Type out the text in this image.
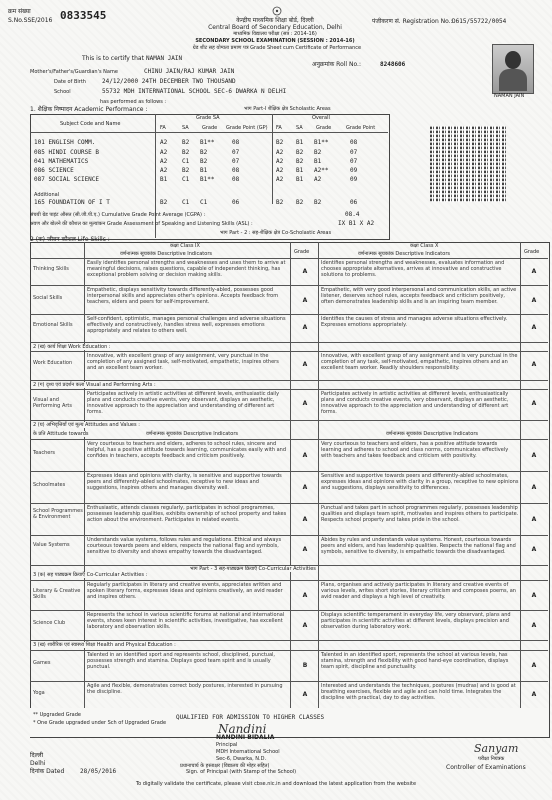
क्रम संख्या
S.No.SSE/2016 0833545	केन्द्रीय माध्यमिक शिक्षा बोर्ड, दिल्ली
Central Board of Secondary Education, Delhi
माध्यमिक विद्यालय परीक्षा (सत्र : 2014-16)
SECONDARY SCHOOL EXAMINATION (SESSION : 2014-16)
ग्रेड शीट सह योग्यता प्रमाण पत्र Grade Sheet cum Certificate of Performance
पंजीकरण सं. Registration No.: D615/55722/0054
NAMAN JAIN
This is to certify that NAMAN JAIN
अनुक्रमांक Roll No.:	8248606
Mother's/Father's/Guardian's Name	CHINU JAIN/RAJ KUMAR JAIN
Date of Birth	24/12/2000 24TH DECEMBER TWO THOUSAND
School	55732 MDH INTERNATIONAL SCHOOL SEC-6 DWARKA N DELHI
has performed as follows :
1. शैक्षिक निष्पादन Academic Performance :	भाग Part-I शैक्षिक क्षेत्र Scholastic Areas
Subject Code and Name
Grade SA	Overall
FA	SA	Grade Grade Point (GP) FA	SA	Grade	Grade Point
101 ENGLISH COMM.	A2 B2 B1**	08	B2 B1 B1**	08
085 HINDI COURSE B	A2 B2 B2	07	A2 B2 B2	07
041 MATHEMATICS	A2 C1 B2	07	A2 B2 B1	07
086 SCIENCE	A2 B2 B1	08	A2 B1 A2**	09
087 SOCIAL SCIENCE	B1 C1 B1**	08	A2 B1 A2	09
Additional
165 FOUNDATION OF I T	B2 C1 C1	06	B2 B2 B2	06
संचयी ग्रेड पाइंट औसत (सी.जी.पी.ए.) Cumulative Grade Point Average (CGPA) :	08.4
श्रवण और बोलने की कौशल का मूल्यांकन Grade Assessment of Speaking and Listening Skills (ASL) :	IX B1 X A2
भाग Part - 2 : सह-शैक्षिक क्षेत्र Co-Scholastic Areas
2 (क) जीवन कौशल Life Skills :
कक्षा Class IX	कक्षा Class X
वर्णनात्मक सूचकांक Descriptive Indicators	वर्णनात्मक सूचकांक Descriptive Indicators
Grade	Grade
Thinking Skills
Easily identifies personal strengths and weaknesses and uses them to arrive at meaningful decisions, raises questions, capable of independent thinking, has exceptional problem solving or decision making skills.	A
Identifies personal strengths and weaknesses, evaluates information and chooses appropriate alternatives, arrives at innovative and constructive solutions to problems.	A
Social Skills
Empathetic, displays sensitivity towards differently-abled, possesses good interpersonal skills and appreciates other's opinions. Accepts feedback from teachers, elders and peers for self-improvement.	A
Empathetic, with very good interpersonal and communication skills, an active listener, deserves school rules, accepts feedback and criticism positively, often demonstrates leadership skills and is an inspiring team member.	A
Emotional Skills
Self-confident, optimistic, manages personal challenges and adverse situations effectively and constructively, handles stress well, expresses emotions appropriately and relates to others well.	A
Identifies the causes of stress and manages adverse situations effectively. Expresses emotions appropriately.	A
2 (ख) कार्य शिक्षा Work Education :
Work Education
Innovative, with excellent grasp of any assignment, very punctual in the completion of any assigned task, self-motivated, empathetic, inspires others and an excellent team worker.	A
Innovative, with excellent grasp of any assignment and is very punctual in the completion of any task, self-motivated, empathetic, inspires others and an excellent team worker. Readily shoulders responsibility.	A
2 (ग) दृश्य एवं प्रदर्शन कला Visual and Performing Arts :
Visual and Performing Arts
Participates actively in artistic activities at different levels, enthusiastic daily plans and conducts creative events, very observant, displays an aesthetic, innovative approach to the appreciation and understanding of different art forms.
A
Participates actively in artistic activities at different levels, enthusiastically plans and conducts creative events, very observant, displays an aesthetic, innovative approach to the appreciation and understanding of different art forms.
A
2 (घ) अभिवृत्तियाँ एवं मूल्य Attitudes and Values :
के प्रति Attitude towards	वर्णनात्मक सूचकांक Descriptive Indicators	वर्णनात्मक सूचकांक Descriptive Indicators
Teachers
Very courteous to teachers and elders, adheres to school rules, sincere and helpful, has a positive attitude towards learning, communicates easily with and confides in teachers, accepts feedback and criticism positively.	A
Very courteous to teachers and elders, has a positive attitude towards learning and adheres to school and class norms, communicates effectively with teachers and takes feedback and criticism with positivity.	A
Schoolmates
Expresses ideas and opinions with clarity, is sensitive and supportive towards peers and differently-abled schoolmates, receptive to new ideas and suggestions, inspires others and manages diversity well.	A
Sensitive and supportive towards peers and differently-abled schoolmates, expresses ideas and opinions with clarity in a group, receptive to new opinions and suggestions, displays sensitivity to differences.	A
School Programmes & Environment
Enthusiastic, attends classes regularly, participates in school programmes, possesses leadership qualities, exhibits ownership of school property and takes action about the environment. Participates in related events.	A
Punctual and takes part in school programmes regularly, possesses leadership qualities and displays team spirit, motivates and inspires others to participate. Respects school property and takes pride in the school.	A
Value Systems
Understands value systems, follows rules and regulations. Ethical and always courteous towards peers and elders, respects the national flag and symbols, sensitive to diversity and shows empathy towards the disadvantaged.	A
Abides by rules and understands value systems. Honest, courteous towards peers and elders, and has leadership qualities. Respects the national flag and symbols, sensitive to diversity, is empathetic towards the disadvantaged.	A
भाग Part - 3 सह-पाठ्यक्रम क्रियाएँ Co-Curricular Activities
3 (क) सह पाठ्यक्रम क्रियाएँ Co-Curricular Activities :
Literary & Creative Skills
Regularly participates in literary and creative events, appreciates written and spoken literary forms, expresses ideas and opinions creatively, an avid reader and inspires others.	A
Plans, organises and actively participates in literary and creative events of various levels, writes short stories, literary criticism and composes poems, an avid reader and displays a high level of creativity.	A
Science Club
Represents the school in various scientific forums at national and international events, shows keen interest in scientific activities, investigative, has excellent laboratory and observation skills.	A
Displays scientific temperament in everyday life, very observant, plans and participates in scientific activities at different levels, displays precision and observation during laboratory work.	A
3 (ख) शारीरिक एवं स्वास्थ्य शिक्षा Health and Physical Education :
Games
Talented in an identified sport and represents school, disciplined, punctual, possesses strength and stamina. Displays good team spirit and is usually punctual.	B
Talented in an identified sport, represents the school at various levels, has stamina, strength and flexibility with good hand-eye coordination, displays team spirit, discipline and punctuality.	A
Yoga
Agile and flexible, demonstrates correct body postures, interested in pursuing the discipline.	A
Interested and understands the techniques, postures (mudras) and is good at breathing exercises, flexible and agile and can hold time. Integrates the discipline with practical, day to day activities.	A
** Upgraded Grade
* One Grade upgraded under Sch of Upgraded Grade
QUALIFIED FOR ADMISSION TO HIGHER CLASSES
Nandini
NANDINI BIDALIA
Principal
MDH International School
Sec-6, Dwarka, N.D.
प्रधानाचार्य के हस्ताक्षर (विद्यालय की मोहर सहित)
Sign. of Principal (with Stamp of the School)
दिल्ली
Delhi
दिनांक Dated	28/05/2016
Sanyam
परीक्षा नियंत्रक
Controller of Examinations
To digitally validate the certificate, please visit cbse.nic.in and download the latest application from the website
